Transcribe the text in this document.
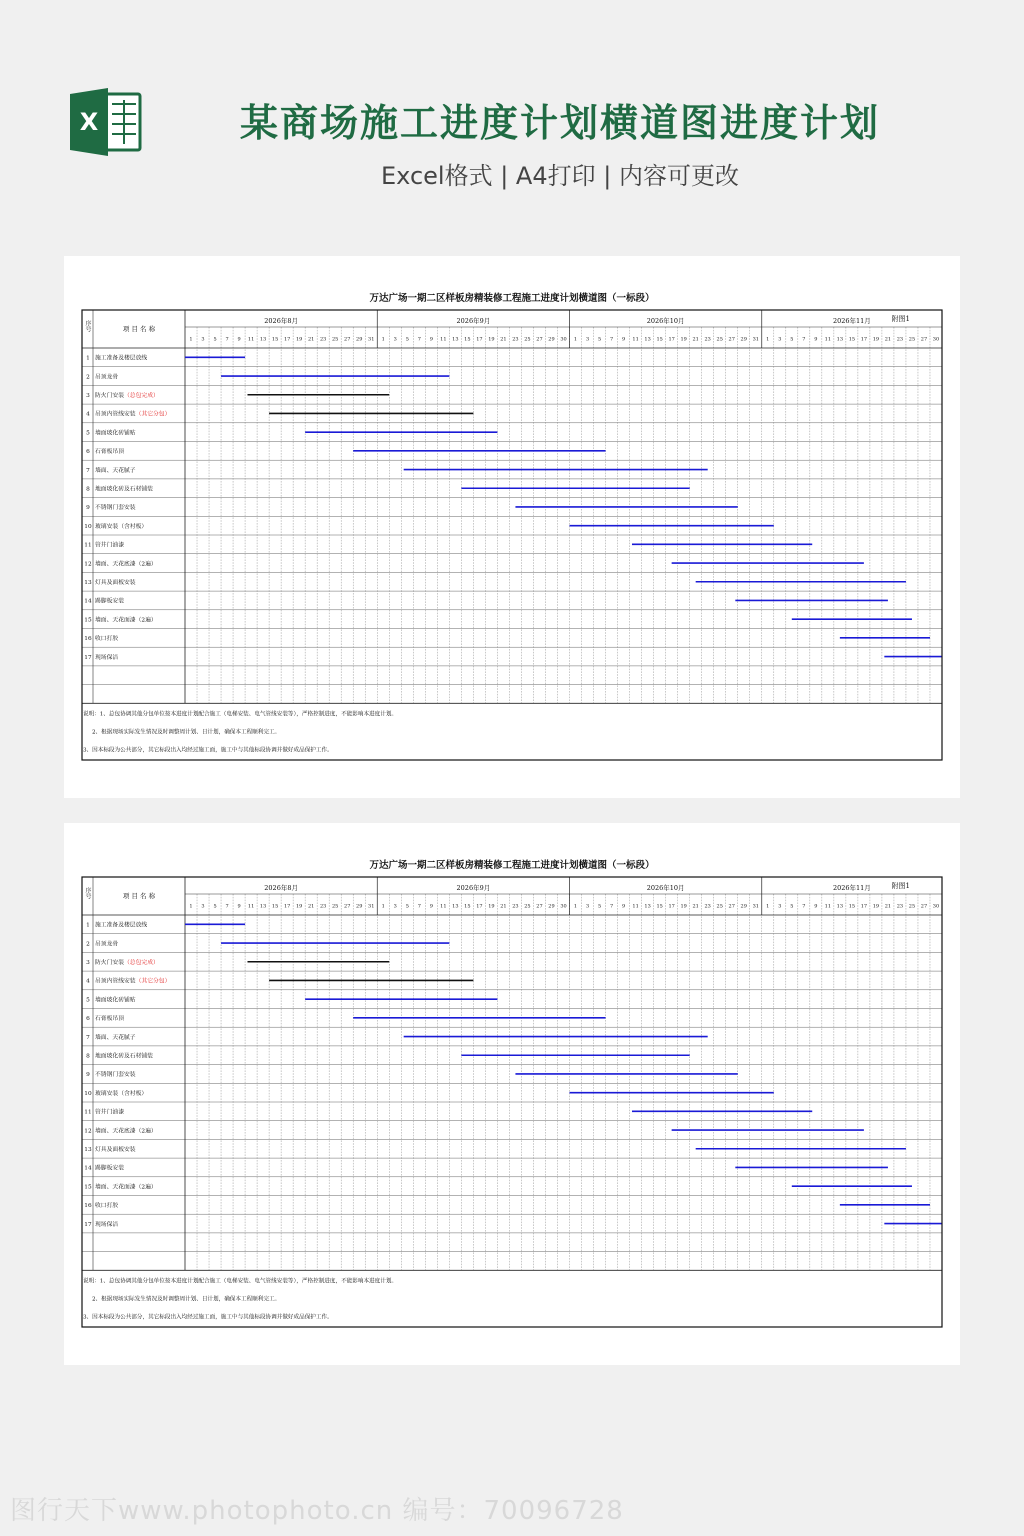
X	某商场施工进度计划横道图进度计划
Excel格式 | A4打印 | 内容可更改
万达广场一期二区样板房精装修工程施工进度计划横道图（一标段）
2026年8月
1 3 5 7 9 11 13 15 17 19 21 23 25 27 29 31
2026年9月
1 3 5 7 9 11 13 15 17 19 21 23 25 27 29 30
2026年10月
1 3 5 7 9 11 13 15 17 19 21 23 25 27 29 31
2026年11月
1 3 5 7 9 11 13 15 17 19 21 23 25 27 30
附图1
序号	项 目 名 称
1 施工准备及楼层放线
2 吊顶龙骨
3 防火门安装（总包完成）
4 吊顶内管线安装（其它分包）
5 墙面玻化砖铺贴
6 石膏板吊顶
7 墙面、天花腻子
8 地面玻化砖及石材铺装
9 不锈钢门套安装
10 玻璃安装（含衬板）
11 管井门油漆
12 墙面、天花底漆（2遍）
13 灯具及面板安装
14 踢脚板安装
15 墙面、天花面漆（2遍）
16 收口打胶
17 现场保洁
说明：1、总包协调其他分包单位按本进度计划配合施工（电梯安装、电气管线安装等），严格控制进度，不能影响本进度计划。
2、根据现场实际发生情况及时调整周计划、日计划，确保本工程顺利完工。
3、因本标段为公共部分，其它标段出入均经过施工面，施工中与其他标段协调并做好成品保护工作。
万达广场一期二区样板房精装修工程施工进度计划横道图（一标段）
2026年8月
1 3 5 7 9 11 13 15 17 19 21 23 25 27 29 31
2026年9月
1 3 5 7 9 11 13 15 17 19 21 23 25 27 29 30
2026年10月
1 3 5 7 9 11 13 15 17 19 21 23 25 27 29 31
2026年11月
1 3 5 7 9 11 13 15 17 19 21 23 25 27 30
附图1
序号	项 目 名 称
1 施工准备及楼层放线
2 吊顶龙骨
3 防火门安装（总包完成）
4 吊顶内管线安装（其它分包）
5 墙面玻化砖铺贴
6 石膏板吊顶
7 墙面、天花腻子
8 地面玻化砖及石材铺装
9 不锈钢门套安装
10 玻璃安装（含衬板）
11 管井门油漆
12 墙面、天花底漆（2遍）
13 灯具及面板安装
14 踢脚板安装
15 墙面、天花面漆（2遍）
16 收口打胶
17 现场保洁
说明：1、总包协调其他分包单位按本进度计划配合施工（电梯安装、电气管线安装等），严格控制进度，不能影响本进度计划。
2、根据现场实际发生情况及时调整周计划、日计划，确保本工程顺利完工。
3、因本标段为公共部分，其它标段出入均经过施工面，施工中与其他标段协调并做好成品保护工作。
图行天下www.photophoto.cn 编号：70096728
